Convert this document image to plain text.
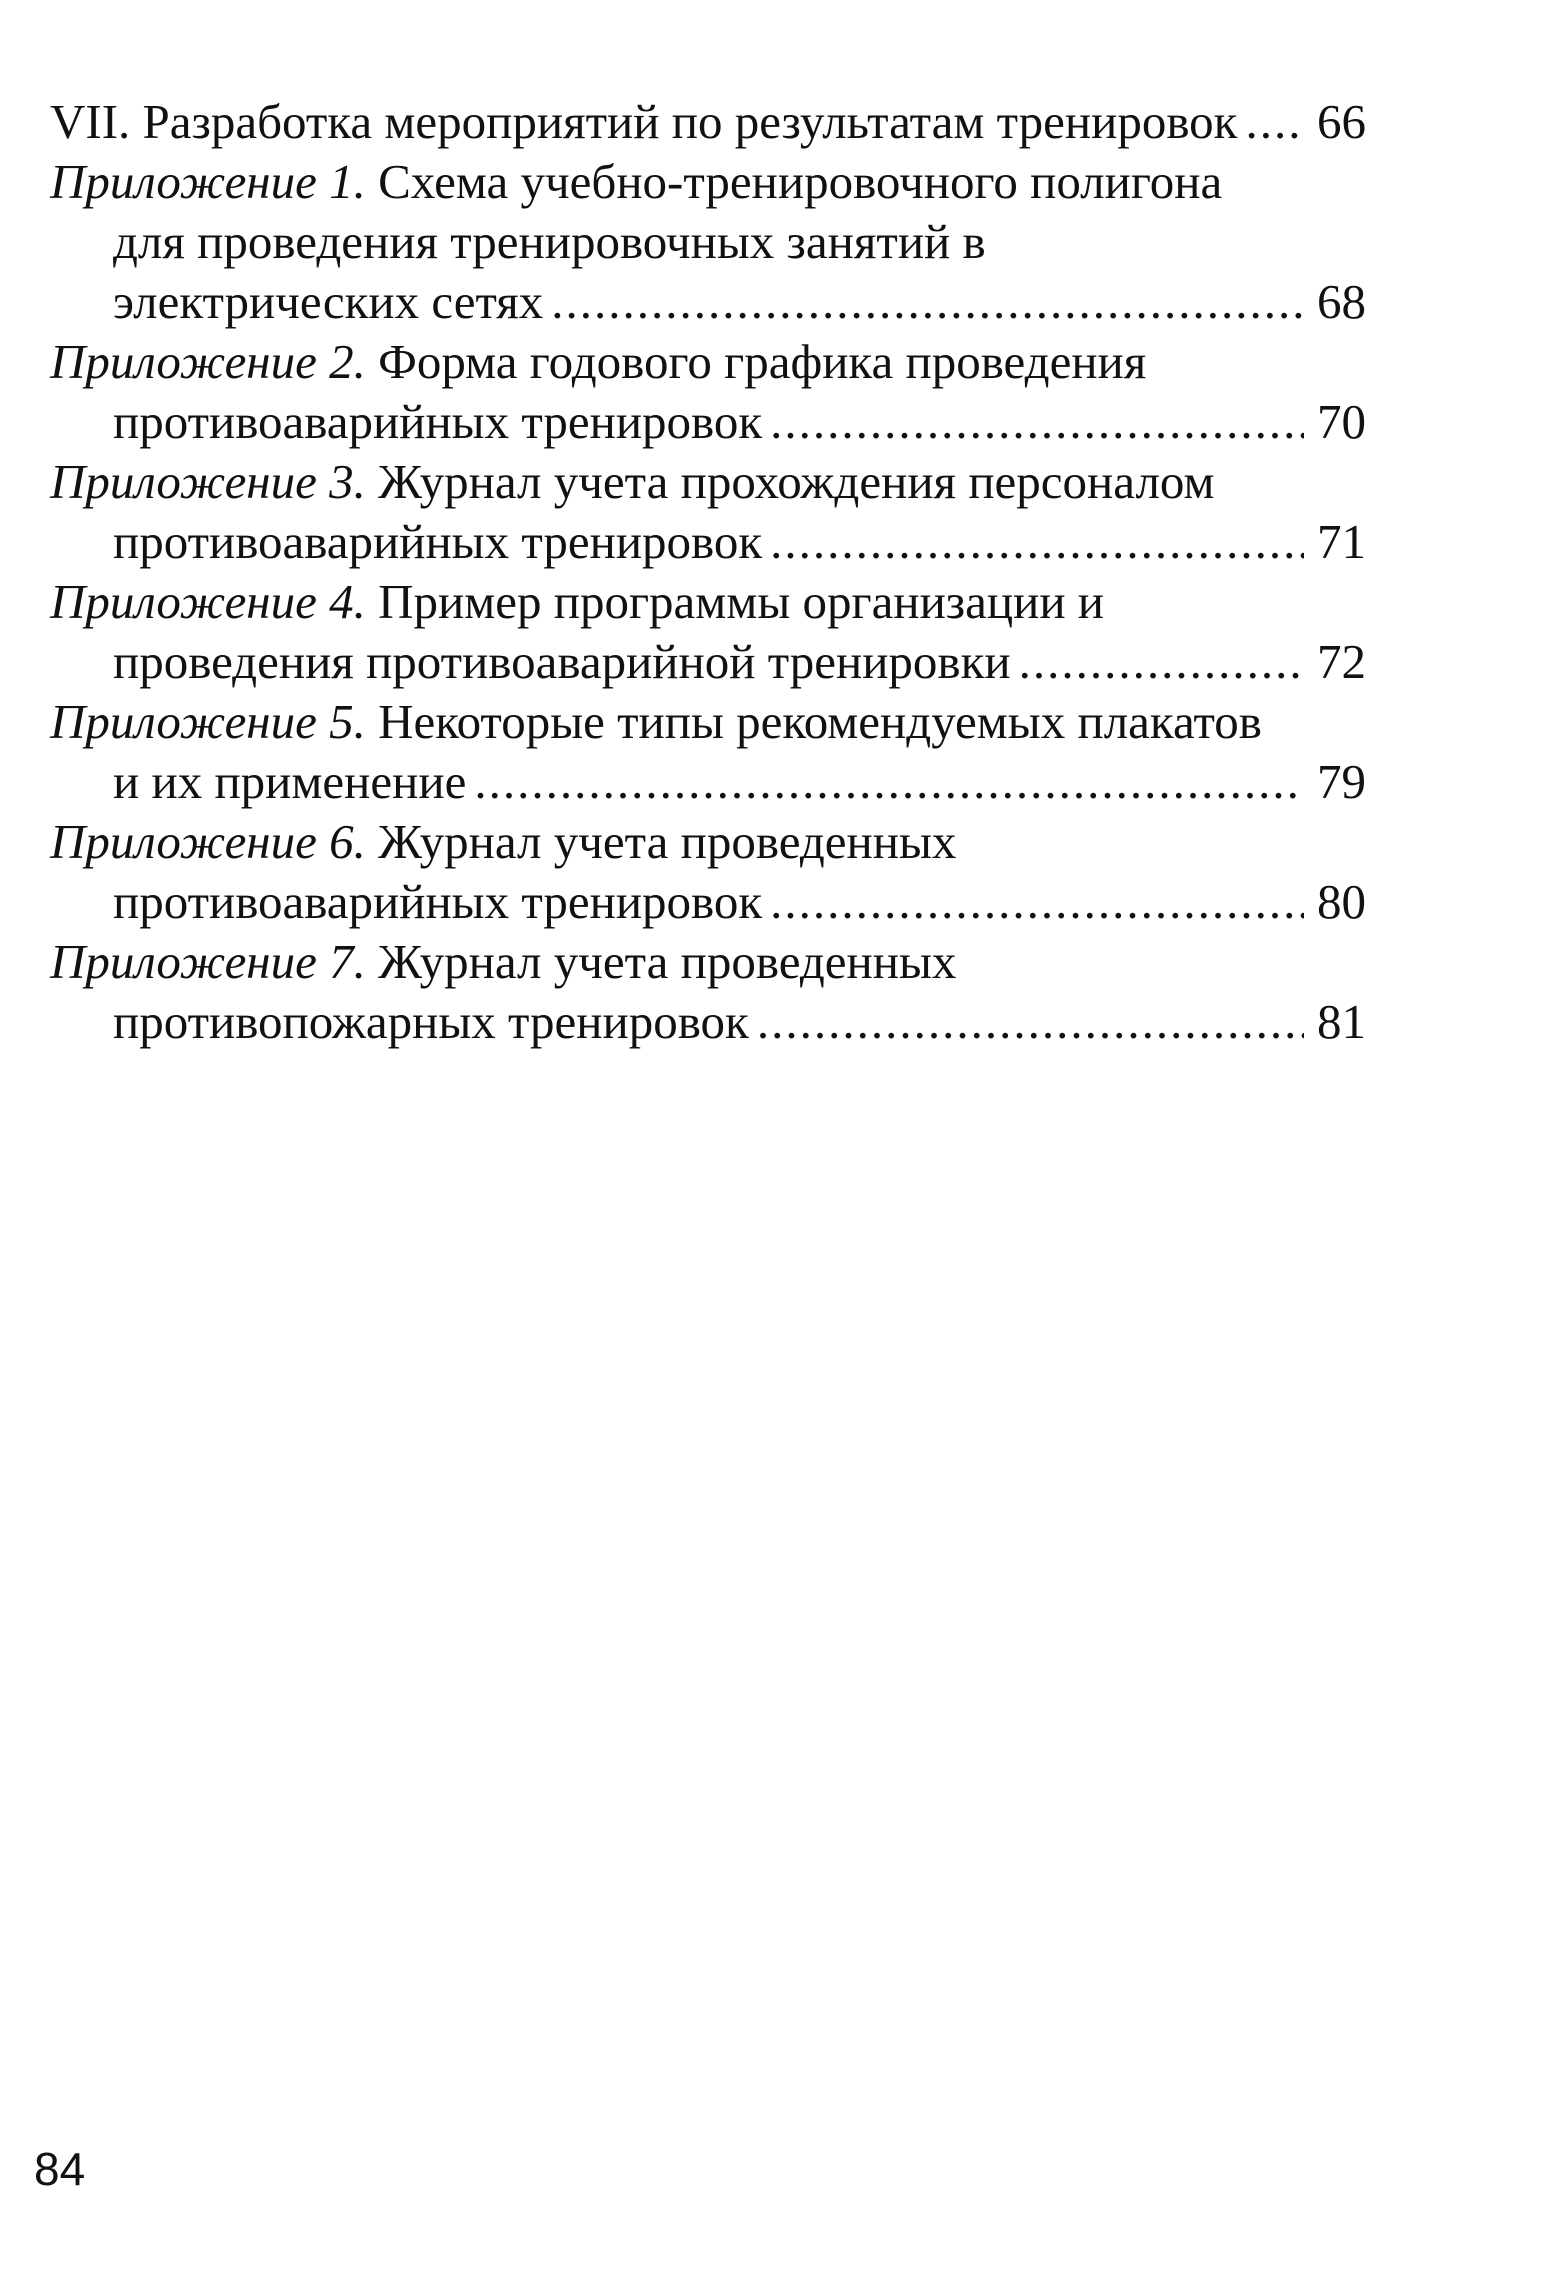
VII. Разработка мероприятий по результатам тренировок ..... 66
Приложение 1.
Схема учебно-тренировочного полигона
для проведения тренировочных занятий в
электрических сетях .....	68
Приложение 2.
Форма годового графика проведения
противоаварийных тренировок .....	70
Приложение 3.
Журнал учета прохождения персоналом
противоаварийных тренировок .....	71
Приложение 4.
Пример программы организации и
проведения противоаварийной тренировки .....	72
Приложение 5.
Некоторые типы рекомендуемых плакатов
и их применение .....	79
Приложение 6.
Журнал учета проведенных
противоаварийных тренировок .....	80
Приложение 7.
Журнал учета проведенных
противопожарных тренировок .....	81
84
